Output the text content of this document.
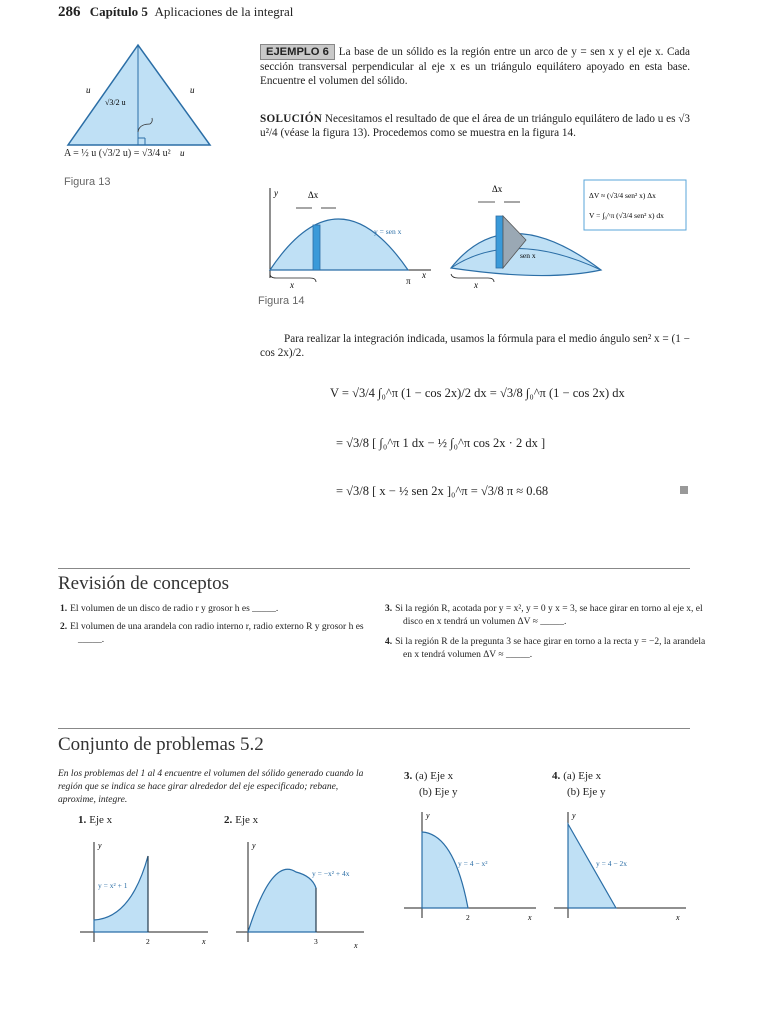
286 Capítulo 5 Aplicaciones de la integral
u	u
√3/2 u
u
A = ½ u (√3/2 u) = √3/4 u²
Figura 13
EJEMPLO 6 La base de un sólido es la región entre un arco de y = sen x y el eje x. Cada sección transversal perpendicular al eje x es un triángulo equilátero apoyado en esta base. Encuentre el volumen del sólido.
SOLUCIÓN Necesitamos el resultado de que el área de un triángulo equilátero de lado u es √3 u²/4 (véase la figura 13). Procedemos como se muestra en la figura 14.
y	Δx
y = sen x
π
x
x
sen x
Δx
x
ΔV ≈ (√3/4 sen² x) Δx
V = ∫₀^π (√3/4 sen² x) dx
Figura 14
Para realizar la integración indicada, usamos la fórmula para el medio ángulo sen² x = (1 − cos 2x)/2.
V = √3/4 ∫₀^π (1 − cos 2x)/2 dx = √3/8 ∫₀^π (1 − cos 2x) dx
= √3/8 [ ∫₀^π 1 dx − ½ ∫₀^π cos 2x · 2 dx ]
= √3/8 [ x − ½ sen 2x ]₀^π = √3/8 π ≈ 0.68
Revisión de conceptos
1. El volumen de un disco de radio r y grosor h es _____.
2. El volumen de una arandela con radio interno r, radio externo R y grosor h es _____.
3. Si la región R, acotada por y = x², y = 0 y x = 3, se hace girar en torno al eje x, el disco en x tendrá un volumen ΔV ≈ _____.
4. Si la región R de la pregunta 3 se hace girar en torno a la recta y = −2, la arandela en x tendrá volumen ΔV ≈ _____.
Conjunto de problemas 5.2
En los problemas del 1 al 4 encuentre el volumen del sólido generado cuando la región que se indica se hace girar alrededor del eje especificado; rebane, aproxime, integre.
1. Eje x	2. Eje x
3. (a) Eje x
(b) Eje y
4. (a) Eje x
(b) Eje y
y
y = x² + 1
2	x
y
y = −x² + 4x
3	x
y
y = 4 − x²
2	x
y
y = 4 − 2x
x
